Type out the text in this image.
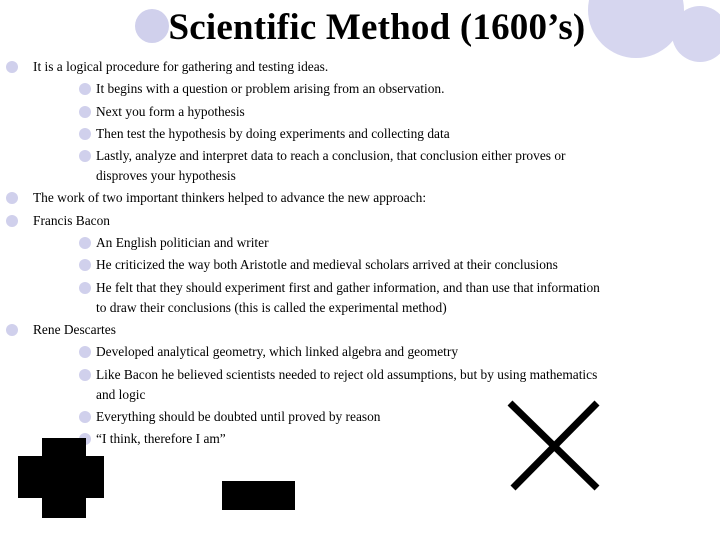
Scientific Method (1600’s)
It is a logical procedure for gathering and testing ideas.
It begins with a question or problem arising from an observation.
Next you form a hypothesis
Then test the hypothesis by doing experiments and collecting data
Lastly, analyze and interpret data to reach a conclusion, that conclusion either proves or
disproves your hypothesis
The work of two important thinkers helped to advance the new approach:
Francis Bacon
An English politician and writer
He criticized the way both Aristotle and medieval scholars arrived at their conclusions
He felt that they should experiment first and gather information, and than use that information
to draw their conclusions (this is called the experimental method)
Rene Descartes
Developed analytical geometry, which linked algebra and geometry
Like Bacon he believed scientists needed to reject old assumptions, but by using mathematics
and logic
Everything should be doubted until proved by reason
“I think, therefore I am”
